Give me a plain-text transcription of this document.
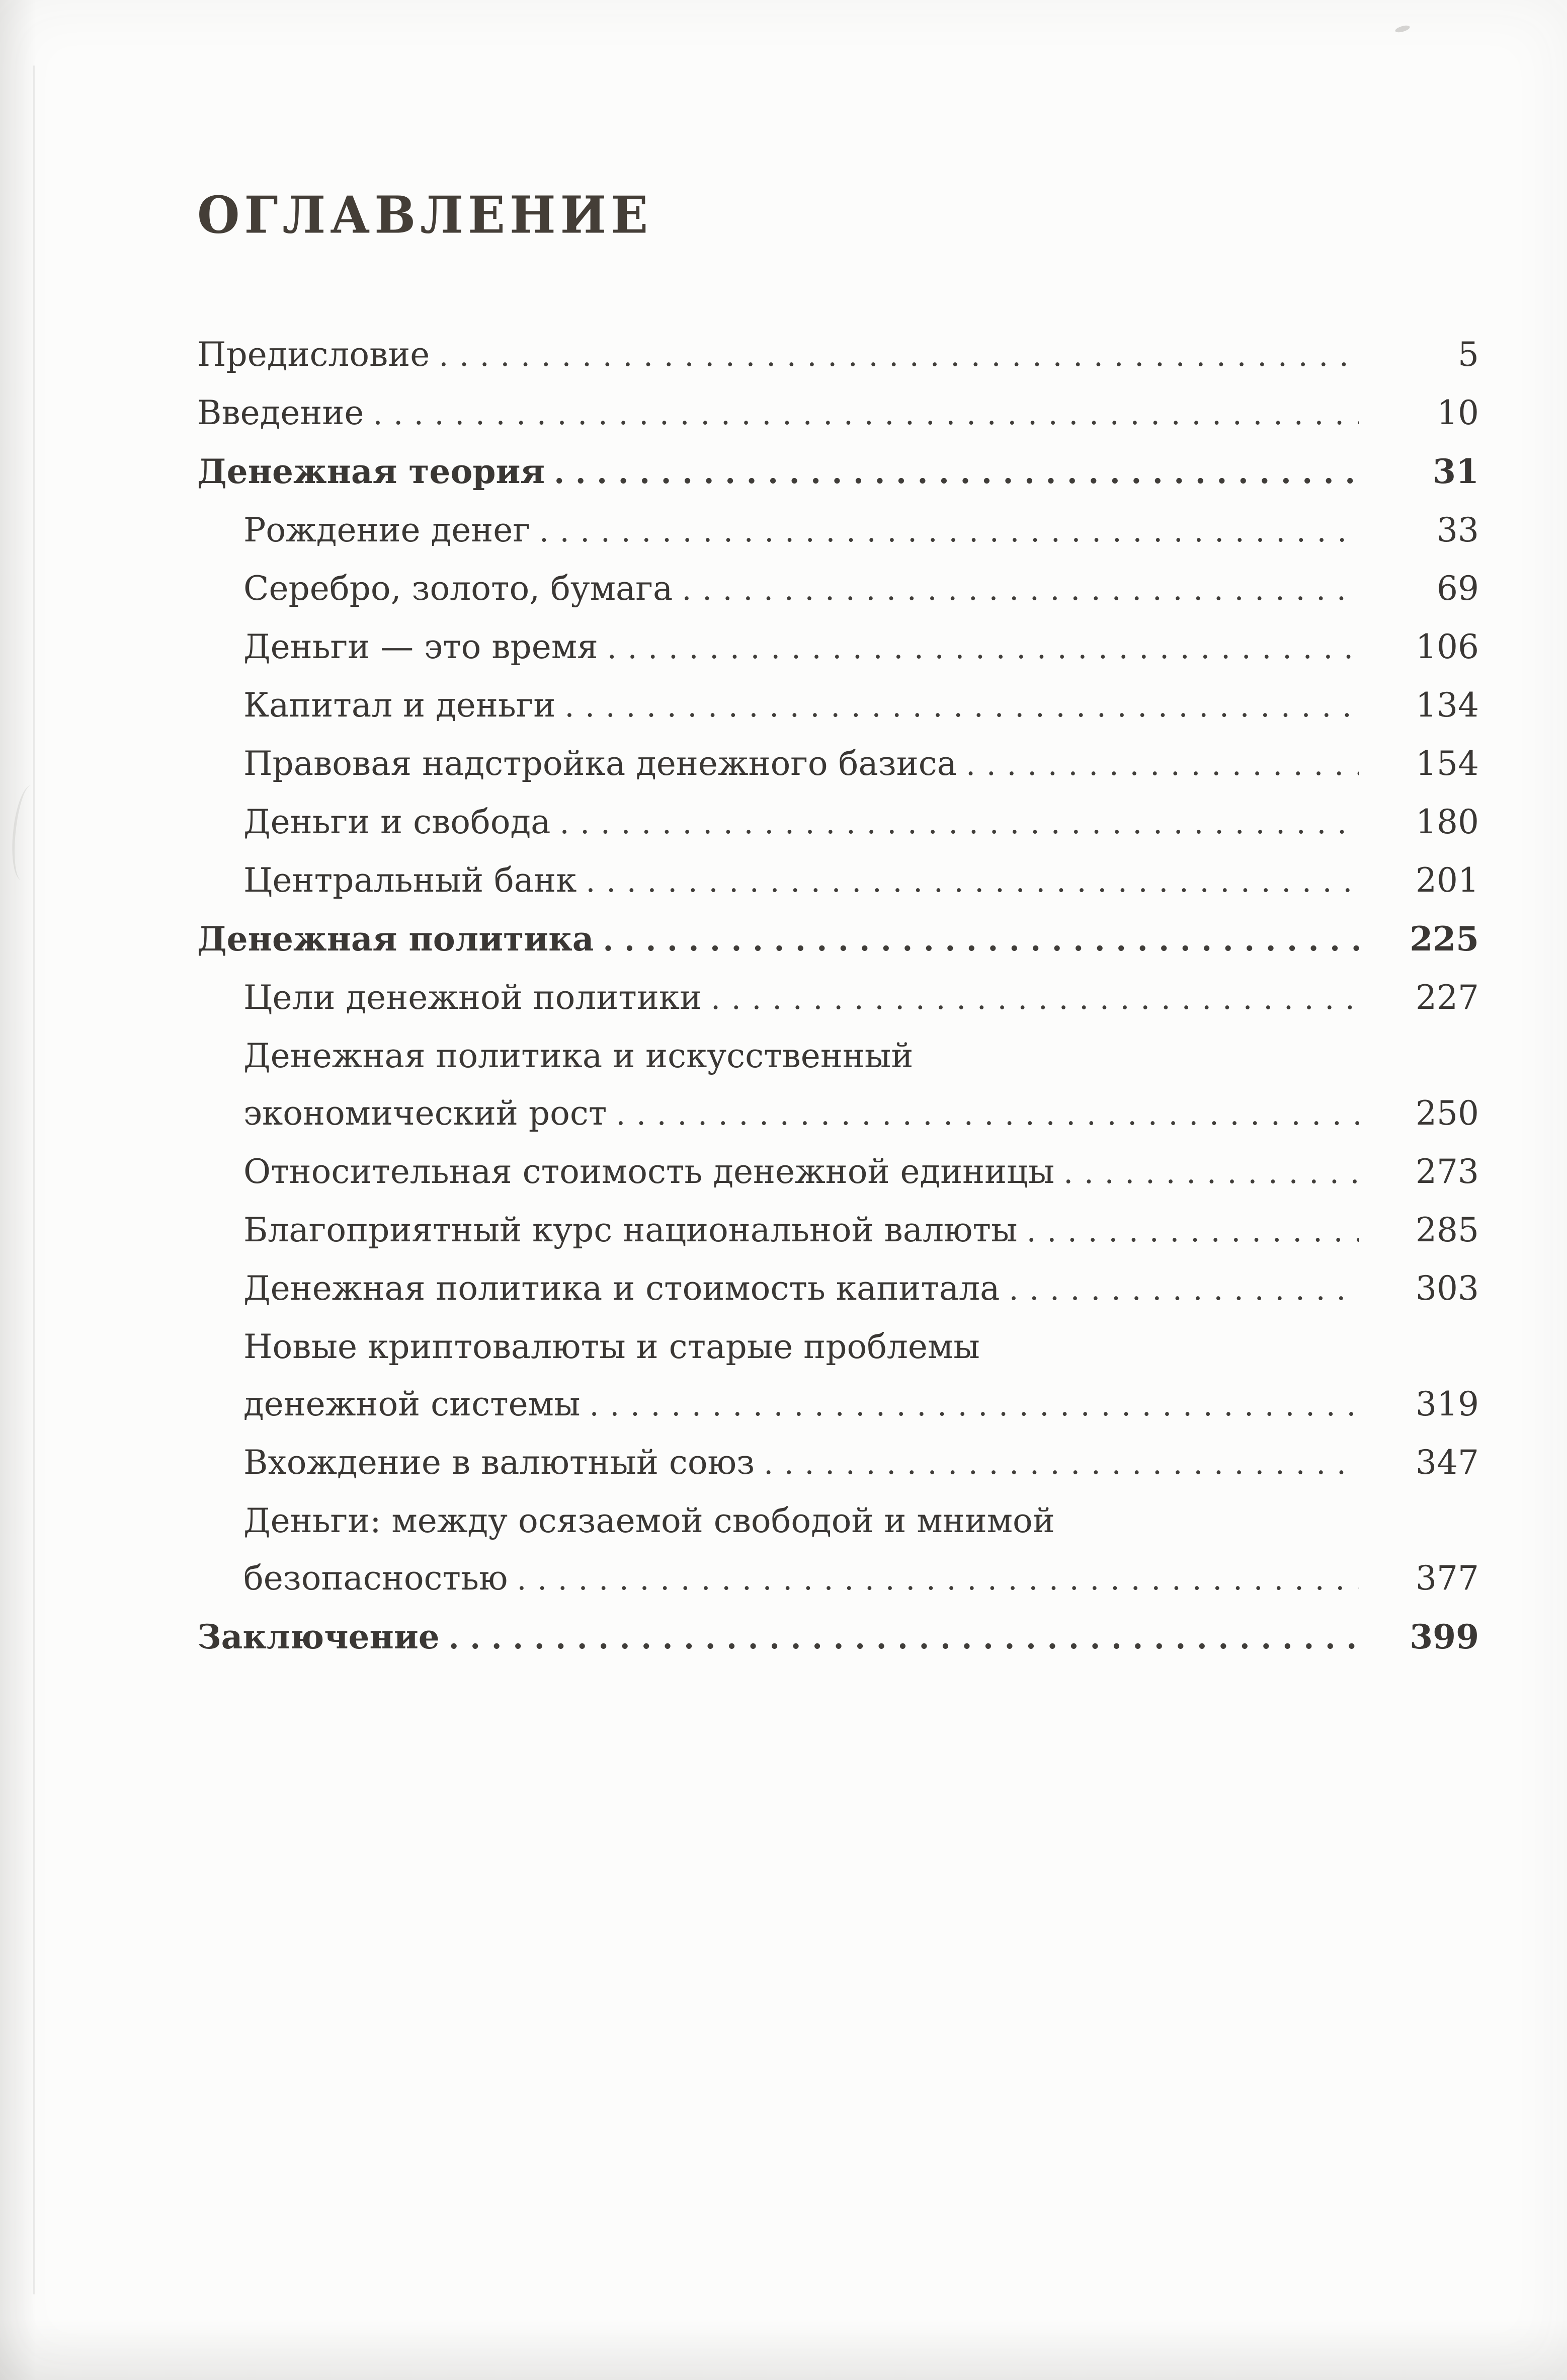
ОГЛАВЛЕНИЕ
Предисловие .....	5
Введение .....	10
Денежная теория .....	31
Рождение денег .....	33
Серебро, золото, бумага .....	69
Деньги — это время .....	106
Капитал и деньги .....	134
Правовая надстройка денежного базиса .....	154
Деньги и свобода .....	180
Центральный банк .....	201
Денежная политика .....	225
Цели денежной политики .....	227
Денежная политика и искусственный
экономический рост .....	250
Относительная стоимость денежной единицы .....	273
Благоприятный курс национальной валюты .....	285
Денежная политика и стоимость капитала .....	303
Новые криптовалюты и старые проблемы
денежной системы .....	319
Вхождение в валютный союз .....	347
Деньги: между осязаемой свободой и мнимой
безопасностью .....	377
Заключение .....	399
